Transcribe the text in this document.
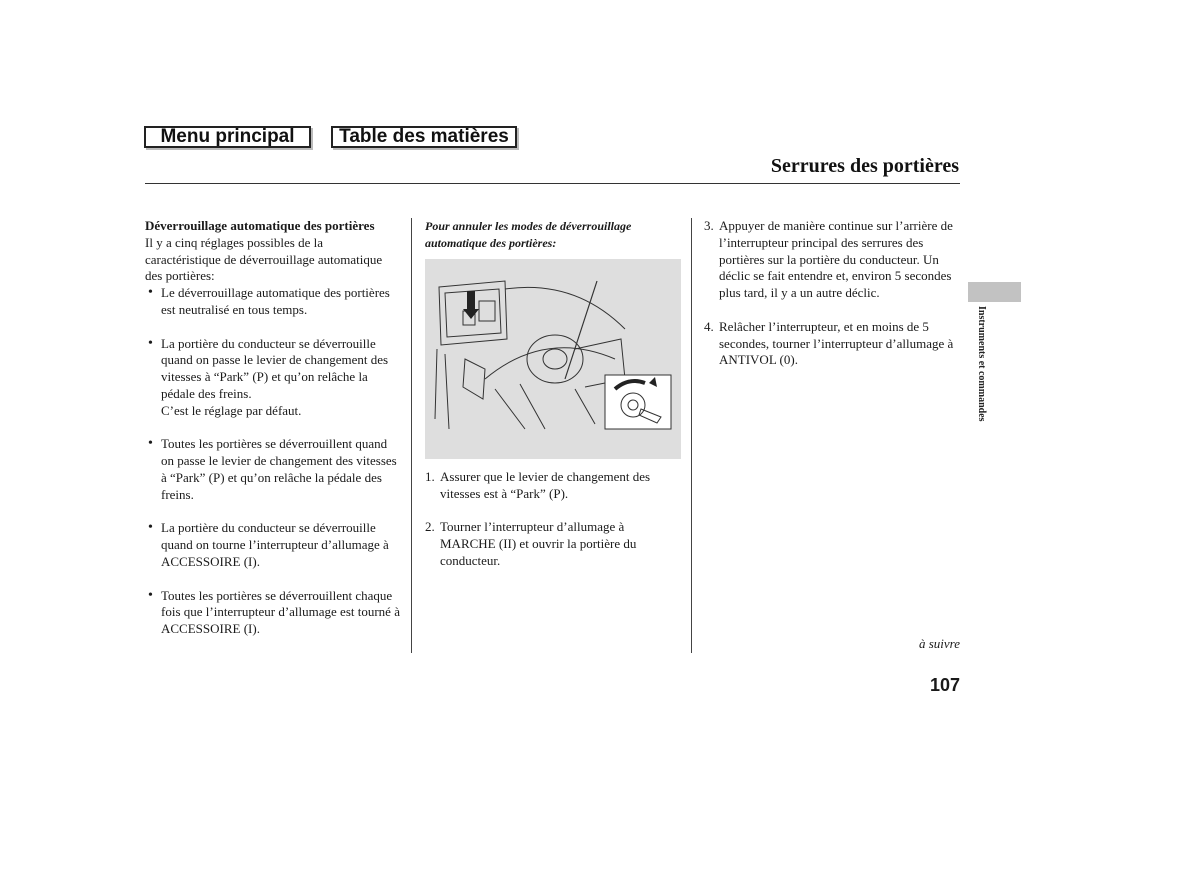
Menu principal	Table des matières
Serrures des portières

Déverrouillage automatique des portières

Il y a cinq réglages possibles de la caractéristique de déverrouillage automatique des portières:

• Le déverrouillage automatique des portières est neutralisé en tous temps.
• La portière du conducteur se déverrouille quand on passe le levier de changement des vitesses à “Park” (P) et qu’on relâche la pédale des freins.
C’est le réglage par défaut.
• Toutes les portières se déverrouillent quand on passe le levier de changement des vitesses à “Park” (P) et qu’on relâche la pédale des freins.
• La portière du conducteur se déverrouille quand on tourne l’interrupteur d’allumage à ACCESSOIRE (I).
• Toutes les portières se déverrouillent chaque fois que l’interrupteur d’allumage est tourné à ACCESSOIRE (I).

Pour annuler les modes de déverrouillage automatique des portières:

1. Assurer que le levier de changement des vitesses est à “Park” (P).
2. Tourner l’interrupteur d’allumage à MARCHE (II) et ouvrir la portière du conducteur.
3. Appuyer de manière continue sur l’arrière de l’interrupteur principal des serrures des portières sur la portière du conducteur. Un déclic se fait entendre et, environ 5 secondes plus tard, il y a un autre déclic.
4. Relâcher l’interrupteur, et en moins de 5 secondes, tourner l’interrupteur d’allumage à ANTIVOL (0).	Instruments et commandes
à suivre
107
